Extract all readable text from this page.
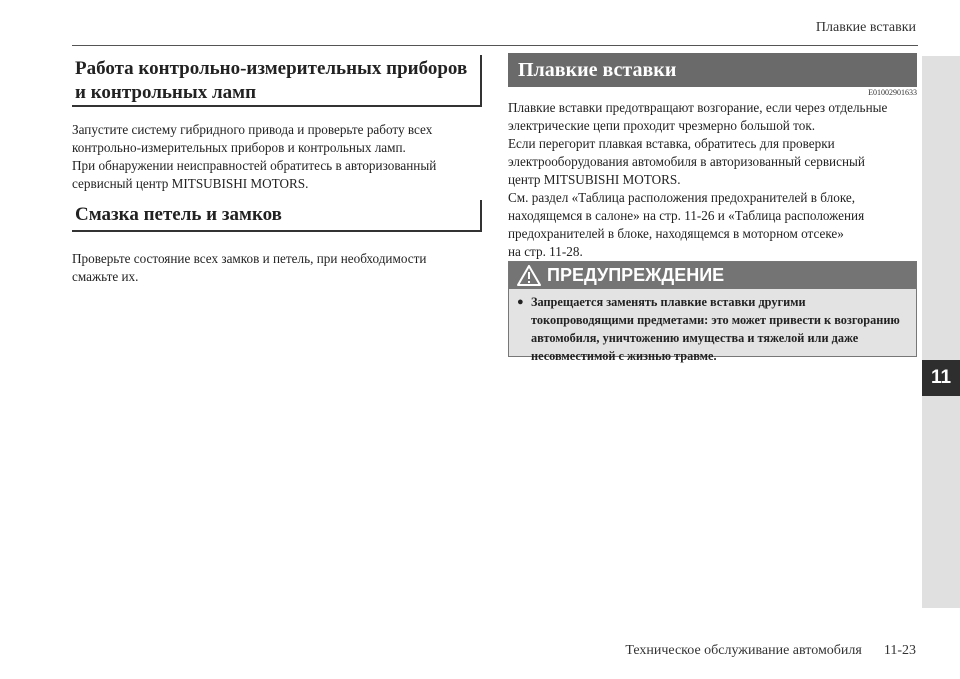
Плавкие вставки
11
Работа контрольно-измерительных приборов
и контрольных ламп
Запустите систему гибридного привода и проверьте работу всех
контрольно-измерительных приборов и контрольных ламп.
При обнаружении неисправностей обратитесь в авторизованный
сервисный центр MITSUBISHI MOTORS.
Смазка петель и замков
Проверьте состояние всех замков и петель, при необходимости
смажьте их.
Плавкие вставки
E01002901633
Плавкие вставки предотвращают возгорание, если через отдельные
электрические цепи проходит чрезмерно большой ток.
Если перегорит плавкая вставка, обратитесь для проверки
электрооборудования автомобиля в авторизованный сервисный
центр MITSUBISHI MOTORS.
См. раздел «Таблица расположения предохранителей в блоке,
находящемся в салоне» на стр. 11-26 и «Таблица расположения
предохранителей в блоке, находящемся в моторном отсеке»
на стр. 11-28.
ПРЕДУПРЕЖДЕНИЕ
● Запрещается заменять плавкие вставки другими
токопроводящими предметами: это может привести к возгоранию
автомобиля, уничтожению имущества и тяжелой или даже
несовместимой с жизнью травме.
Техническое обслуживание автомобиля 11-23
